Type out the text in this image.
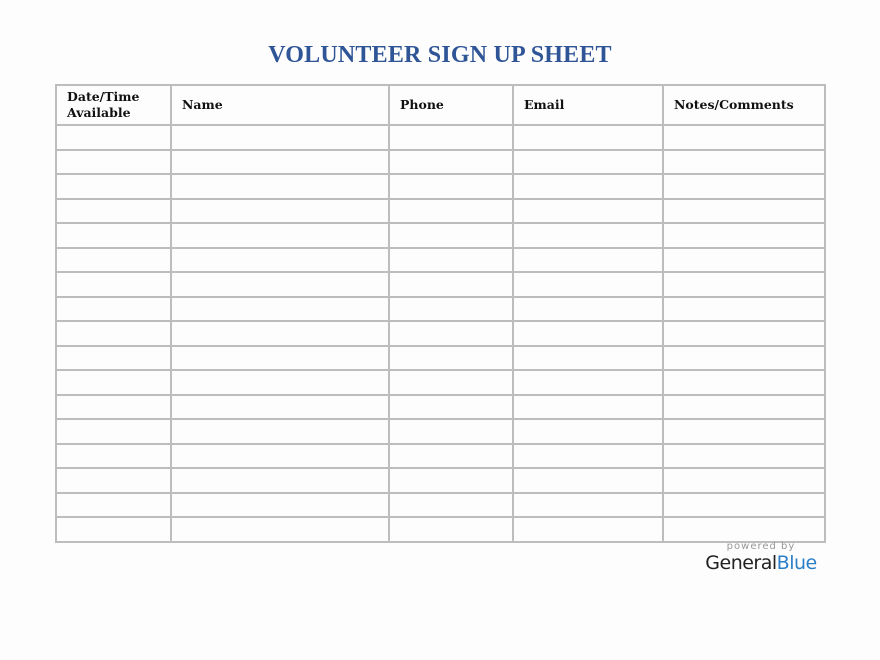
VOLUNTEER SIGN UP SHEET
Date/Time
Available	Name	Phone	Email	Notes/Comments

powered by
GeneralBlue
